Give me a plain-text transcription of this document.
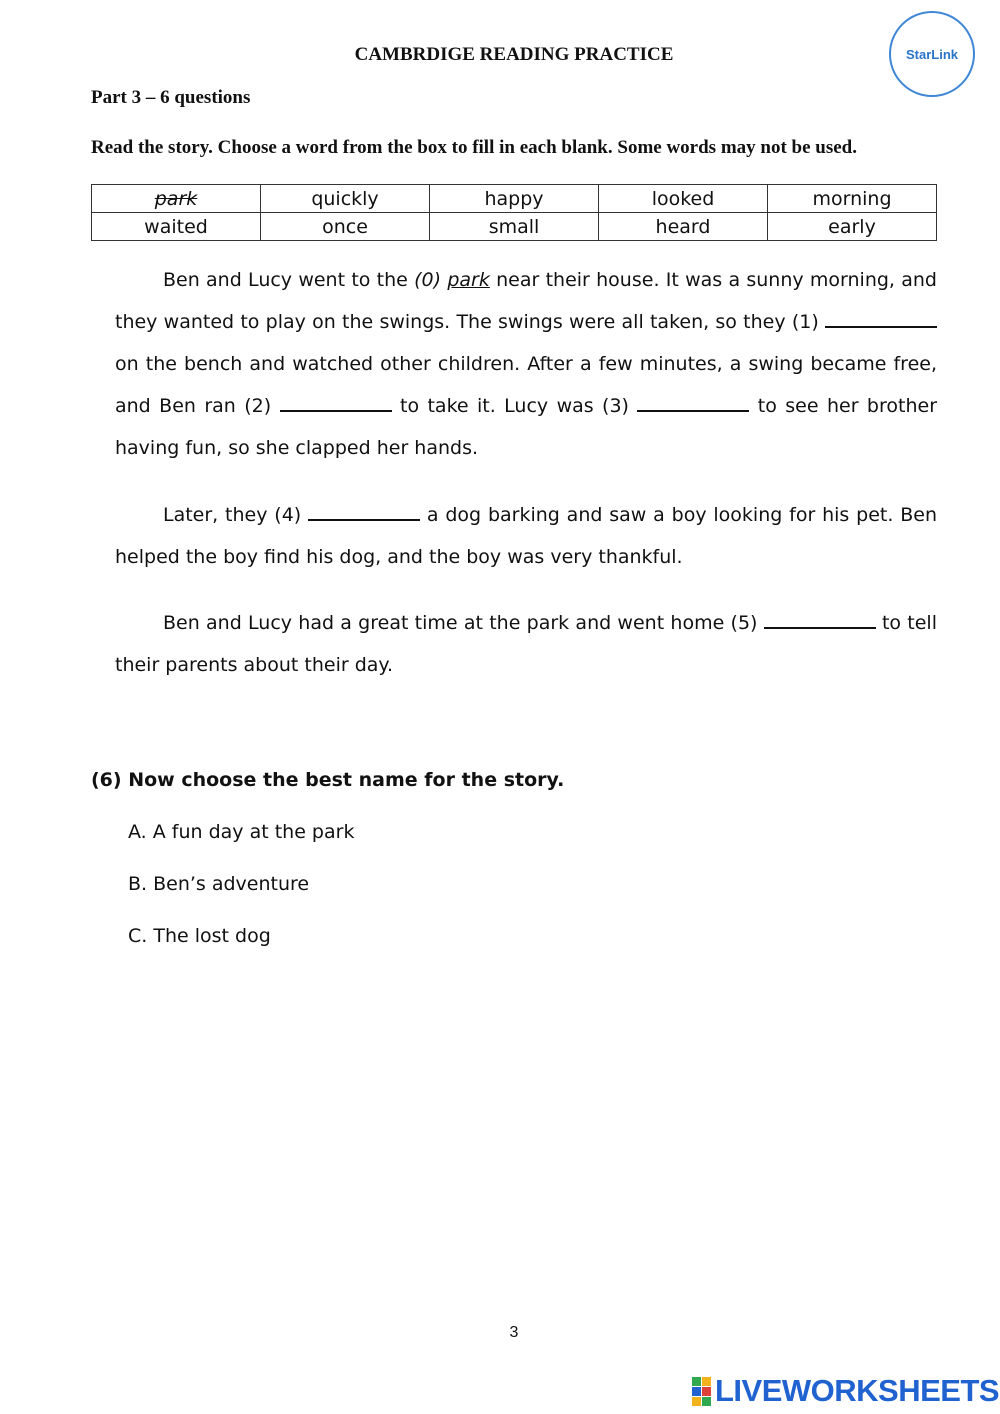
CAMBRDIGE READING PRACTICE	StarLink
Part 3 – 6 questions
Read the story. Choose a word from the box to fill in each blank. Some words may not be used.
park	quickly	happy	looked	morning
waited	once	small	heard	early

Ben and Lucy went to the (0) park near their house. It was a sunny morning, and they wanted to play on the swings. The swings were all taken, so they (1)  on the bench and watched other children. After a few minutes, a swing became free, and Ben ran (2)	to take it. Lucy was (3)	to see her brother having fun, so she clapped her hands.

Later, they (4)	a dog barking and saw a boy looking for his pet. Ben helped the boy find his dog, and the boy was very thankful.

Ben and Lucy had a great time at the park and went home (5)	to tell their parents about their day.

(6) Now choose the best name for the story.
A. A fun day at the park
B. Ben’s adventure
C. The lost dog
3
LIVEWORKSHEETS
